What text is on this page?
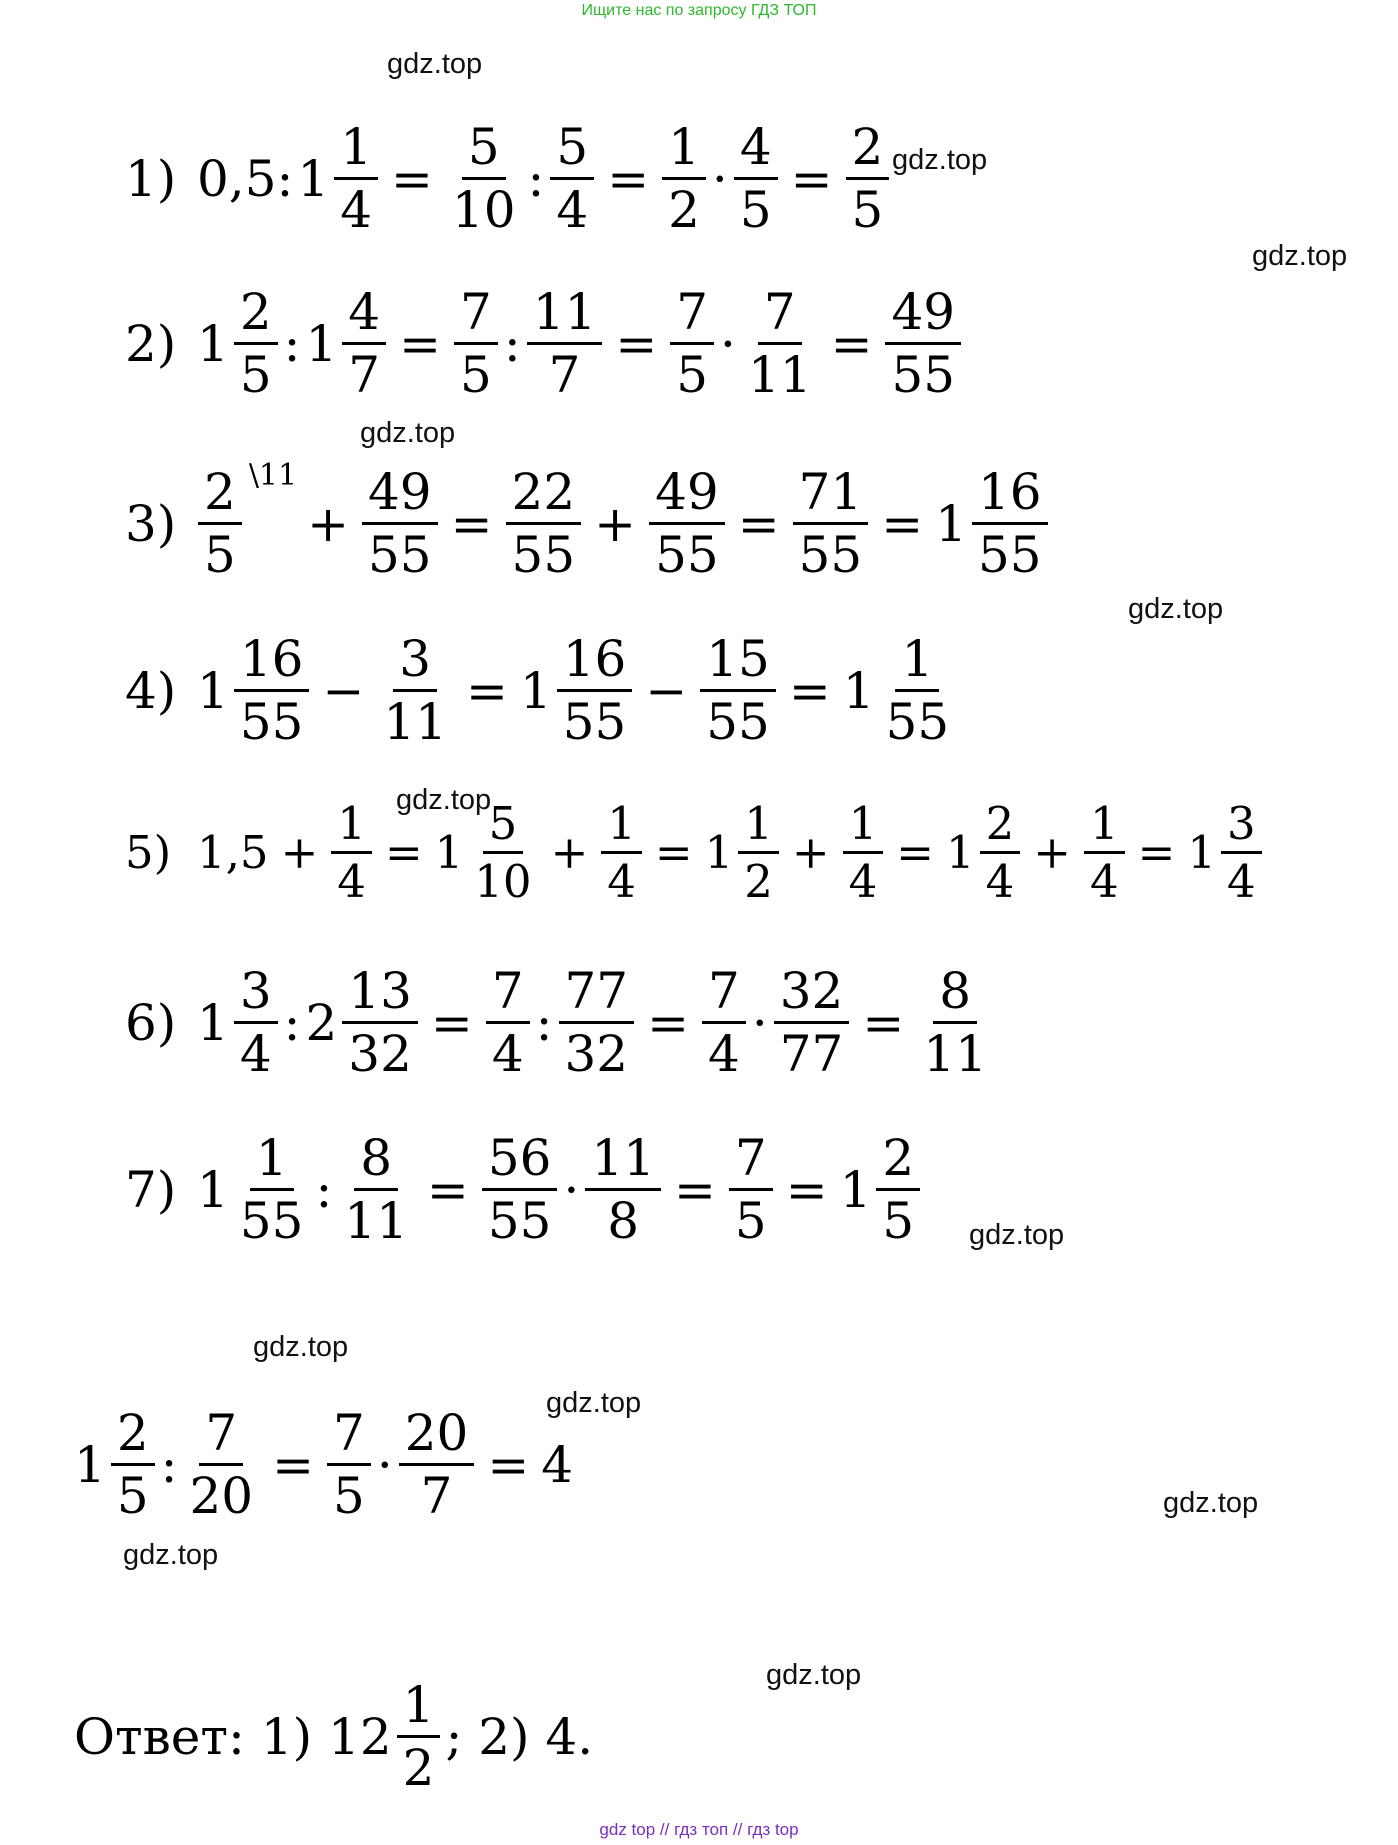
Ищите нас по запросу ГДЗ ТОП
gdz.top
gdz.top
gdz.top
gdz.top
gdz.top
gdz.top
gdz.top
gdz.top
gdz.top
gdz.top
gdz.top
gdz.top
1) 0,5: $1 \frac{1}{4} = \frac{5}{10}$ : $\frac{5}{4} = \frac{1}{2} \cdot \frac{4}{5} = \frac{2}{5}$
2) $1 \frac{2}{5}$ : $1 \frac{4}{7} = \frac{7}{5}$ : $\frac{11}{7} = \frac{7}{5} \cdot \frac{7}{11} = \frac{49}{55}$
$3) \frac{2}{5}$ \11
+ $\frac{49}{55} = \frac{22}{55} + \frac{49}{55} = \frac{71}{55} = 1 \frac{16}{55}$
4) $1 \frac{16}{55} - \frac{3}{11} = 1 \frac{16}{55} - \frac{15}{55} = 1 \frac{1}{55}$
5) $1,5 + \frac{1}{4} = 1 \frac{5}{10} + \frac{1}{4} = 1 \frac{1}{2} + \frac{1}{4} = 1 \frac{2}{4} + \frac{1}{4} = 1 \frac{3}{4}$
6) $1 \frac{3}{4}$ : $2 \frac{13}{32} = \frac{7}{4}$ : $\frac{77}{32} = \frac{7}{4} \cdot \frac{32}{77} = \frac{8}{11}$
7) $1 \frac{1}{55}$ : $\frac{8}{11} = \frac{56}{55} \cdot \frac{11}{8} = \frac{7}{5} = 1 \frac{2}{5}$
$1 \frac{2}{5}$ : $\frac{7}{20} = \frac{7}{5} \cdot \frac{20}{7} = 4$
Ответ: 1) $12 \frac{1}{2}$ ; 2) 4.
gdz top // гдз топ // гдз top
